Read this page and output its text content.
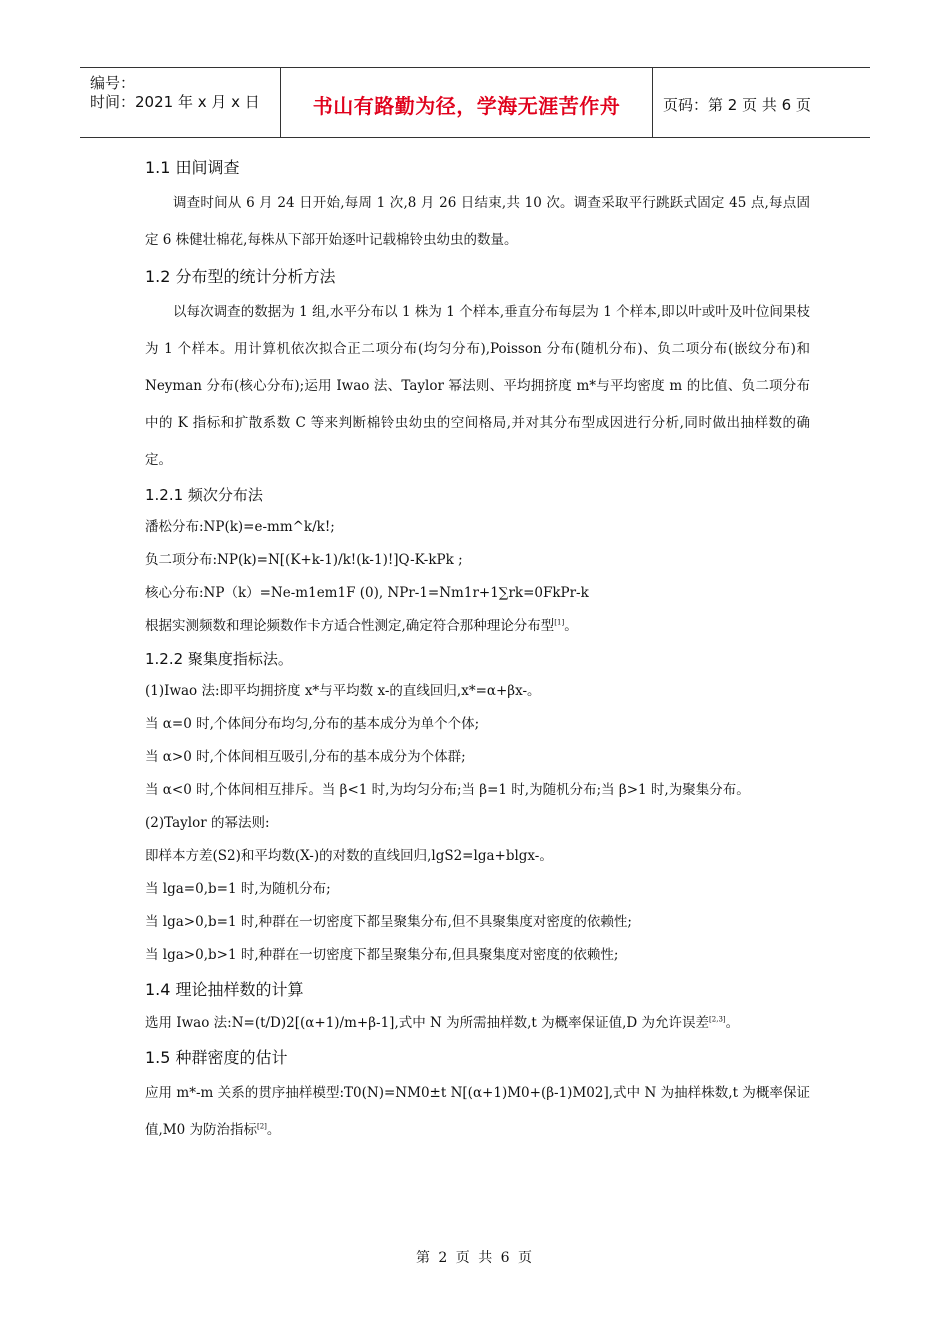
编号：
时间：2021 年 x 月 x 日	书山有路勤为径，学海无涯苦作舟	页码：第 2 页 共 6 页
1.1 田间调查

调查时间从 6 月 24 日开始,每周 1 次,8 月 26 日结束,共 10 次。调查采取平行跳跃式固定 45 点,每点固定 6 株健壮棉花,每株从下部开始逐叶记载棉铃虫幼虫的数量。

1.2 分布型的统计分析方法

以每次调查的数据为 1 组,水平分布以 1 株为 1 个样本,垂直分布每层为 1 个样本,即以叶或叶及叶位间果枝为 1 个样本。用计算机依次拟合正二项分布(均匀分布),Poisson 分布(随机分布)、负二项分布(嵌纹分布)和 Neyman 分布(核心分布);运用 Iwao 法、Taylor 幂法则、平均拥挤度 m*与平均密度 m 的比值、负二项分布中的 K 指标和扩散系数 C 等来判断棉铃虫幼虫的空间格局,并对其分布型成因进行分析,同时做出抽样数的确定。

1.2.1 频次分布法

潘松分布:NP(k)=e-mm^k/k!;

负二项分布:NP(k)=N[(K+k-1)/k!(k-1)!]Q-K-kPk ;

核心分布:NP（k）=Ne-m1em1F (0), NPr-1=Nm1r+1∑rk=0FkPr-k

根据实测频数和理论频数作卡方适合性测定,确定符合那种理论分布型[1]。

1.2.2 聚集度指标法。

(1)Iwao 法:即平均拥挤度 x*与平均数 x-的直线回归,x*=α+βx-。

当 α=0 时,个体间分布均匀,分布的基本成分为单个个体;

当 α>0 时,个体间相互吸引,分布的基本成分为个体群;

当 α<0 时,个体间相互排斥。当 β<1 时,为均匀分布;当 β=1 时,为随机分布;当 β>1 时,为聚集分布。

(2)Taylor 的幂法则:

即样本方差(S2)和平均数(X-)的对数的直线回归,lgS2=lga+blgx-。

当 lga=0,b=1 时,为随机分布;

当 lga>0,b=1 时,种群在一切密度下都呈聚集分布,但不具聚集度对密度的依赖性;

当 lga>0,b>1 时,种群在一切密度下都呈聚集分布,但具聚集度对密度的依赖性;

1.4 理论抽样数的计算

选用 Iwao 法:N=(t/D)2[(α+1)/m+β-1],式中 N 为所需抽样数,t 为概率保证值,D 为允许误差[2,3]。

1.5 种群密度的估计

应用 m*-m 关系的贯序抽样模型:T0(N)=NM0±t N[(α+1)M0+(β-1)M02],式中 N 为抽样株数,t 为概率保证值,M0 为防治指标[2]。

第 2 页 共 6 页
